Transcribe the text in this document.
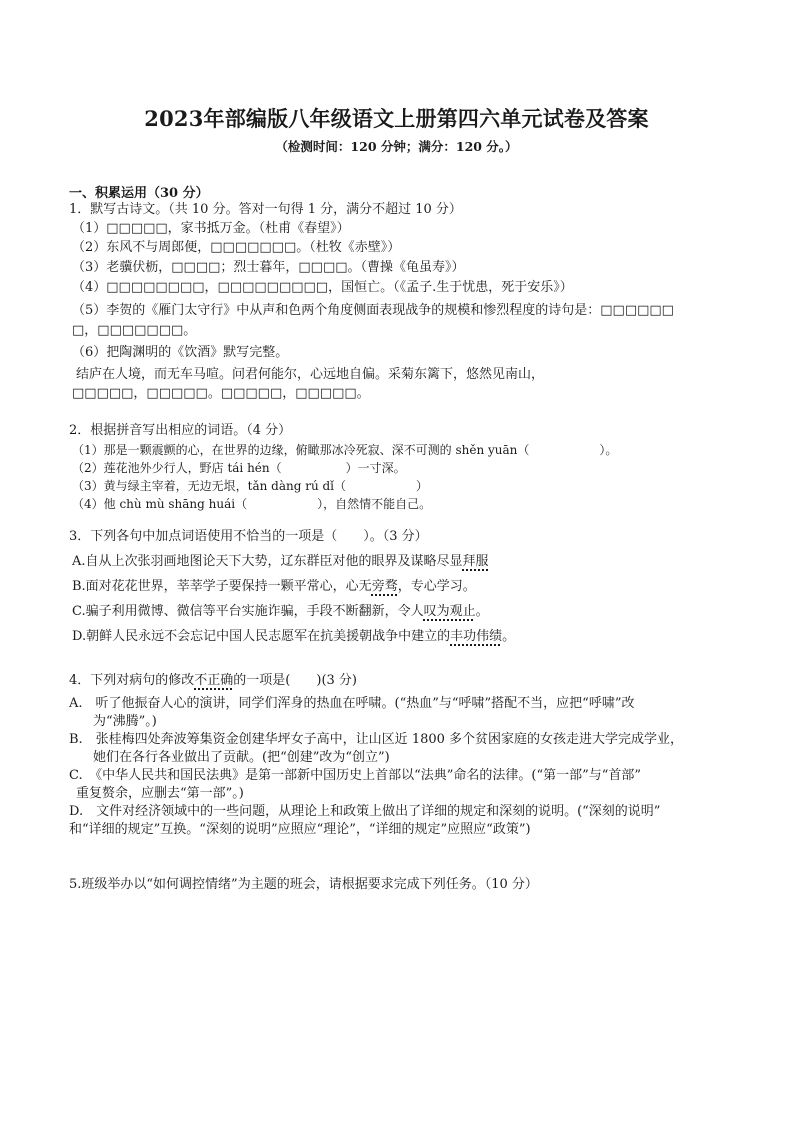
2023年部编版八年级语文上册第四六单元试卷及答案
（检测时间：120 分钟；满分：120 分。）
一、积累运用（30 分）
1．默写古诗文。（共 10 分。答对一句得 1 分，满分不超过 10 分）
（1）□□□□□，家书抵万金。（杜甫《春望》）
（2）东风不与周郎便，□□□□□□□。（杜牧《赤壁》）
（3）老骥伏枥，□□□□；烈士暮年，□□□□。（曹操《龟虽寿》）
（4）□□□□□□□□，□□□□□□□□□，国恒亡。（《孟子.生于忧患，死于安乐》）
（5）李贺的《雁门太守行》中从声和色两个角度侧面表现战争的规模和惨烈程度的诗句是：□□□□□□
□，□□□□□□□。
（6）把陶渊明的《饮酒》默写完整。
结庐在人境，而无车马喧。问君何能尔，心远地自偏。采菊东篱下，悠然见南山，
□□□□□，□□□□□。□□□□□，□□□□□。
2．根据拼音写出相应的词语。（4 分）
（1）那是一颗震颤的心，在世界的边缘，俯瞰那冰冷死寂、深不可测的 shěn yuān（	）。
（2）莲花池外少行人，野店 tái hén（	）一寸深。
（3）黄与绿主宰着，无边无垠，tǎn dàng rú dǐ（	）
（4）他 chù mù shāng huái（	），自然情不能自己。
3．下列各句中加点词语使用不恰当的一项是（　　）。（3 分）
A.自从上次张羽画地图论天下大势，辽东群臣对他的眼界及谋略尽显拜服
B.面对花花世界，莘莘学子要保持一颗平常心，心无旁骛，专心学习。
C.骗子利用微博、微信等平台实施诈骗，手段不断翻新，令人叹为观止。
D.朝鲜人民永远不会忘记中国人民志愿军在抗美援朝战争中建立的丰功伟绩。
4．下列对病句的修改不正确的一项是(　　)(3 分)
A.　听了他振奋人心的演讲，同学们浑身的热血在呼啸。(“热血”与“呼啸”搭配不当，应把“呼啸”改
　为“沸腾”。)
B.　张桂梅四处奔波筹集资金创建华坪女子高中，让山区近 1800 多个贫困家庭的女孩走进大学完成学业，
　她们在各行各业做出了贡献。(把“创建”改为“创立”)
C.　《中华人民共和国民法典》是第一部新中国历史上首部以“法典”命名的法律。(“第一部”与“首部”
重复赘余，应删去“第一部”。)
D.　文件对经济领域中的一些问题，从理论上和政策上做出了详细的规定和深刻的说明。(“深刻的说明”
和“详细的规定”互换。“深刻的说明”应照应“理论”，“详细的规定”应照应“政策”)
5.班级举办以“如何调控情绪”为主题的班会，请根据要求完成下列任务。（10 分）
